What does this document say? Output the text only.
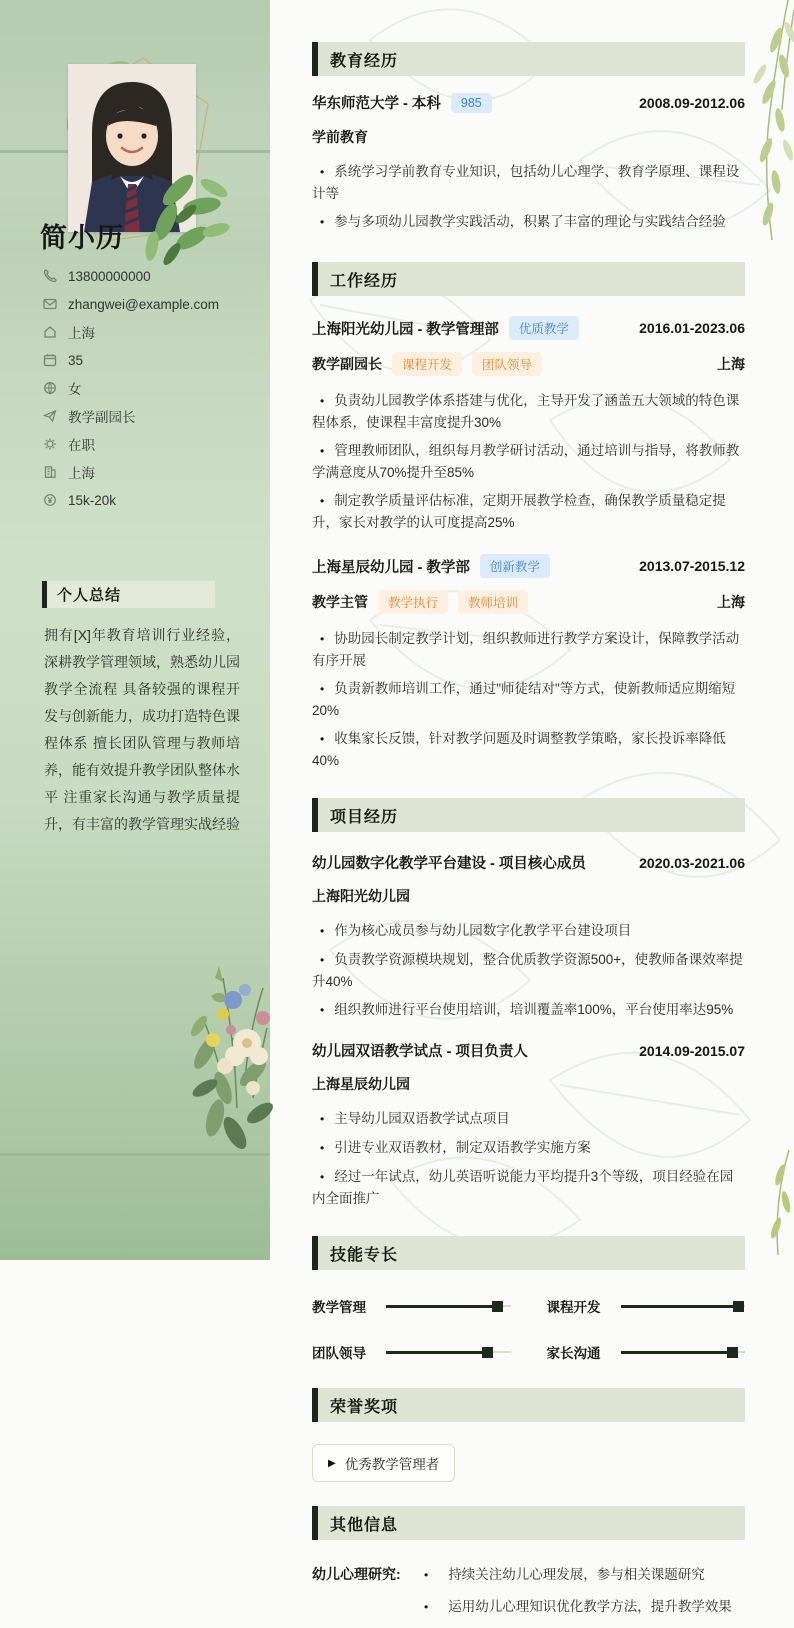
简小历
13800000000
zhangwei@example.com
上海
35
女
教学副园长
在职
上海
15k-20k
个人总结

拥有[X]年教育培训行业经验，深耕教学管理领域，熟悉幼儿园教学全流程 具备较强的课程开发与创新能力，成功打造特色课程体系 擅长团队管理与教师培养，能有效提升教学团队整体水平 注重家长沟通与教学质量提升，有丰富的教学管理实战经验

教育经历
华东师范大学 - 本科	985	2008.09-2012.06
学前教育
• 系统学习学前教育专业知识，包括幼儿心理学、教育学原理、课程设计等
• 参与多项幼儿园教学实践活动，积累了丰富的理论与实践结合经验
工作经历
上海阳光幼儿园 - 教学管理部	优质教学	2016.01-2023.06
教学副园长	课程开发	团队领导	上海
• 负责幼儿园教学体系搭建与优化，主导开发了涵盖五大领域的特色课程体系，使课程丰富度提升30%
• 管理教师团队，组织每月教学研讨活动，通过培训与指导，将教师教学满意度从70%提升至85%
• 制定教学质量评估标准，定期开展教学检查，确保教学质量稳定提升，家长对教学的认可度提高25%
上海星辰幼儿园 - 教学部	创新教学	2013.07-2015.12
教学主管	教学执行	教师培训	上海
• 协助园长制定教学计划，组织教师进行教学方案设计，保障教学活动有序开展
• 负责新教师培训工作，通过"师徒结对"等方式，使新教师适应期缩短20%
• 收集家长反馈，针对教学问题及时调整教学策略，家长投诉率降低40%
项目经历
幼儿园数字化教学平台建设 - 项目核心成员	2020.03-2021.06
上海阳光幼儿园
• 作为核心成员参与幼儿园数字化教学平台建设项目
• 负责教学资源模块规划，整合优质教学资源500+，使教师备课效率提升40%
• 组织教师进行平台使用培训，培训覆盖率100%，平台使用率达95%
幼儿园双语教学试点 - 项目负责人	2014.09-2015.07
上海星辰幼儿园
• 主导幼儿园双语教学试点项目
• 引进专业双语教材，制定双语教学实施方案
• 经过一年试点，幼儿英语听说能力平均提升3个等级，项目经验在园内全面推广
技能专长
教学管理	课程开发
团队领导	家长沟通
荣誉奖项
▶ 优秀教学管理者
其他信息
幼儿心理研究:	• 持续关注幼儿心理发展，参与相关课题研究
• 运用幼儿心理知识优化教学方法，提升教学效果
